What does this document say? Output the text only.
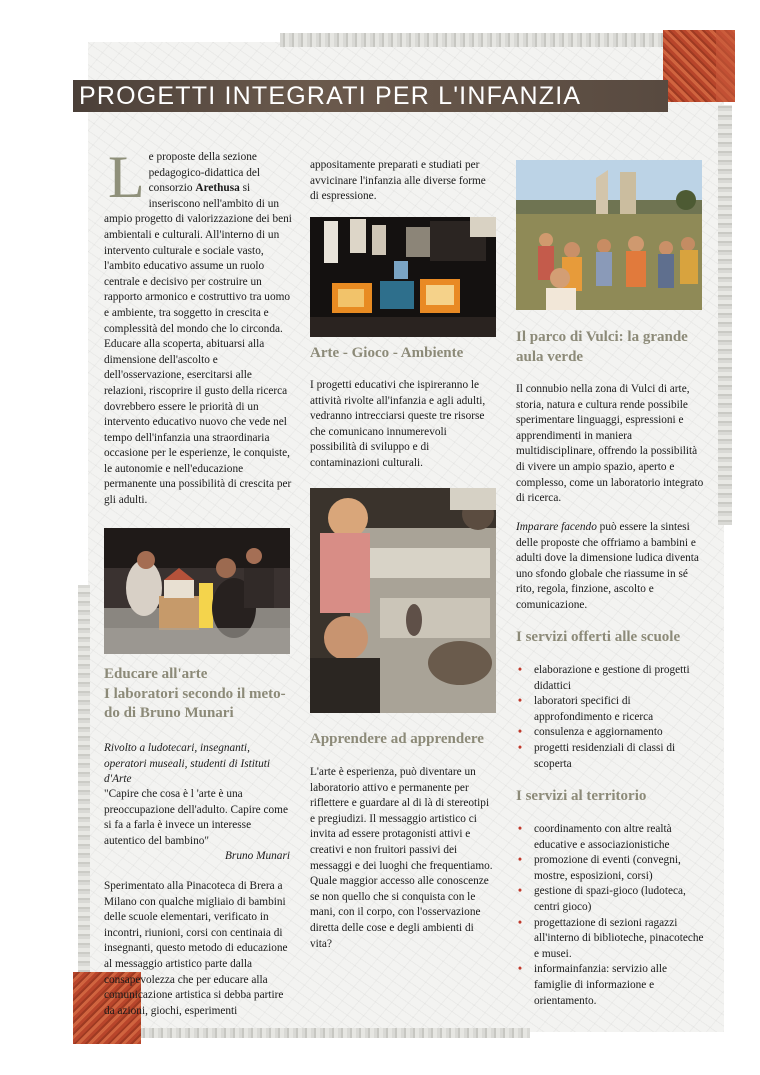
PROGETTI INTEGRATI PER L'INFANZIA

Le proposte della sezione pedagogico-didattica del consorzio Arethusa si inseriscono nell'ambito di un ampio progetto di valorizzazione dei beni ambientali e culturali. All'interno di un intervento culturale e sociale vasto, l'ambito educativo assume un ruolo centrale e decisivo per costruire un rapporto armonico e costruttivo tra uomo e ambiente, tra soggetto in crescita e complessità del mondo che lo circonda. Educare alla scoperta, abituarsi alla dimensione dell'ascolto e dell'osservazione, esercitarsi alle relazioni, riscoprire il gusto della ricerca dovrebbero essere le priorità di un intervento educativo nuovo che vede nel tempo dell'infanzia una straordinaria occasione per le esperienze, le conquiste, le autonomie e nell'educazione permanente una possibilità di crescita per gli adulti.

Educare all'arte
I laboratori secondo il meto-
do di Bruno Munari
Rivolto a ludotecari, insegnanti, operatori museali, studenti di Istituti d'Arte
"Capire che cosa è l 'arte è una preoccupazione dell'adulto. Capire come si fa a farla è invece un interesse autentico del bambino"
Bruno Munari
Sperimentato alla Pinacoteca di Brera a Milano con qualche migliaio di bambini delle scuole elementari, verificato in incontri, riunioni, corsi con centinaia di insegnanti, questo metodo di educazione al messaggio artistico parte dalla consapevolezza che per educare alla comunicazione artistica si debba partire da azioni, giochi, esperimenti
appositamente preparati e studiati per avvicinare l'infanzia alle diverse forme di espressione.
Arte - Gioco - Ambiente
I progetti educativi che ispireranno le attività rivolte all'infanzia e agli adulti, vedranno intrecciarsi queste tre risorse che comunicano innumerevoli possibilità di sviluppo e di contaminazioni culturali.
Apprendere ad apprendere
L'arte è esperienza, può diventare un laboratorio attivo e permanente per riflettere e guardare al di là di stereotipi e pregiudizi. Il messaggio artistico ci invita ad essere protagonisti attivi e creativi e non fruitori passivi dei messaggi e dei luoghi che frequentiamo. Quale maggior accesso alle conoscenze se non quello che si conquista con le mani, con il corpo, con l'osservazione diretta delle cose e degli ambienti di vita?
Il parco di Vulci: la grande
aula verde
Il connubio nella zona di Vulci di arte, storia, natura e cultura rende possibile sperimentare linguaggi, espressioni e apprendimenti in maniera multidisciplinare, offrendo la possibilità di vivere un ampio spazio, aperto e complesso, come un laboratorio integrato di ricerca.

Imparare facendo può essere la sintesi delle proposte che offriamo a bambini e adulti dove la dimensione ludica diventa uno sfondo globale che riassume in sé rito, regola, finzione, ascolto e comunicazione.

I servizi offerti alle scuole
• elaborazione e gestione di progetti didattici
• laboratori specifici di approfondimento e ricerca
• consulenza e aggiornamento
• progetti residenziali di classi di scoperta
I servizi al territorio
• coordinamento con altre realtà educative e associazionistiche
• promozione di eventi (convegni, mostre, esposizioni, corsi)
• gestione di spazi-gioco (ludoteca, centri gioco)
• progettazione di sezioni ragazzi all'interno di biblioteche, pinacoteche e musei.
• informainfanzia: servizio alle famiglie di informazione e orientamento.
